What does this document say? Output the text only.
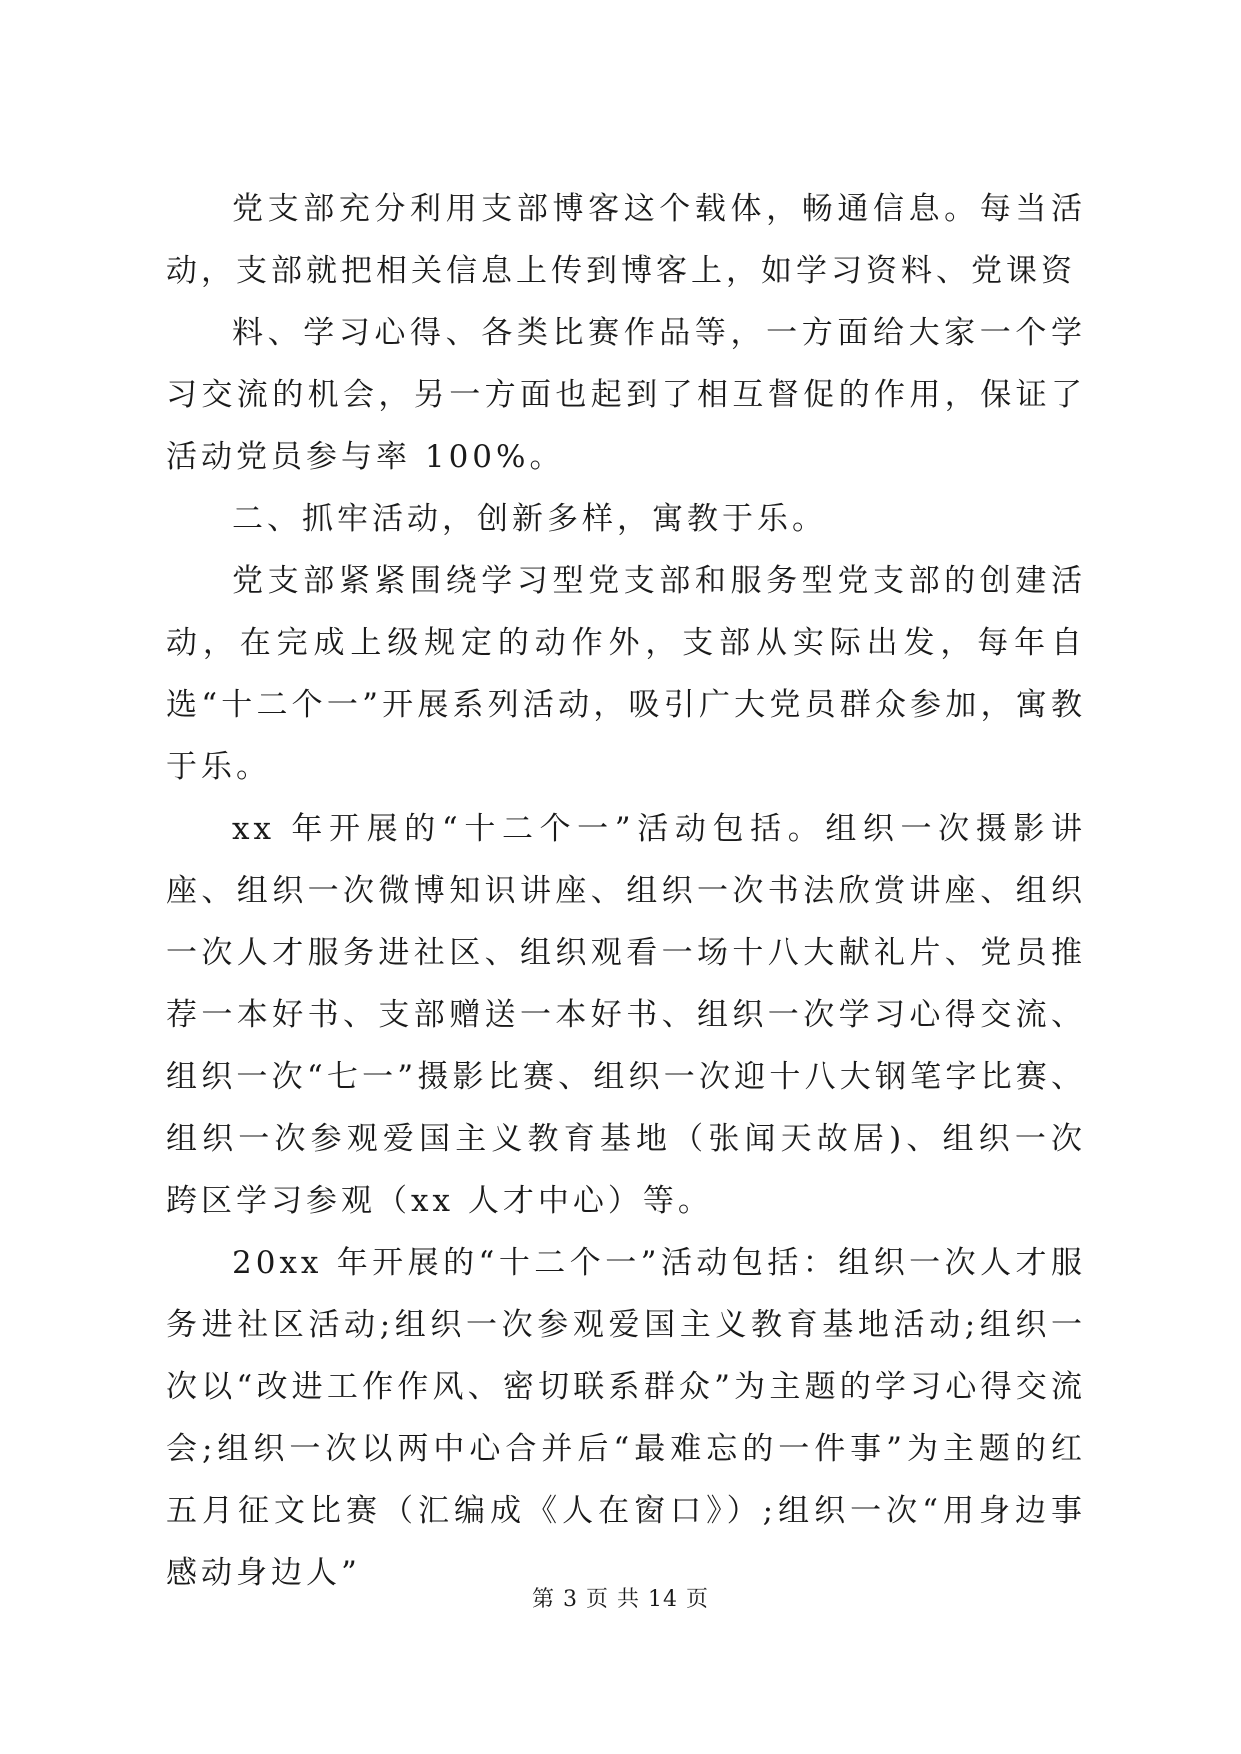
党支部充分利用支部博客这个载体，畅通信息。每当活动，支部就把相关信息上传到博客上，如学习资料、党课资

料、学习心得、各类比赛作品等，一方面给大家一个学习交流的机会，另一方面也起到了相互督促的作用，保证了活动党员参与率 100%。

二、抓牢活动，创新多样，寓教于乐。

党支部紧紧围绕学习型党支部和服务型党支部的创建活动，在完成上级规定的动作外，支部从实际出发，每年自选“十二个一”开展系列活动，吸引广大党员群众参加，寓教于乐。

xx 年开展的“十二个一”活动包括。组织一次摄影讲座、组织一次微博知识讲座、组织一次书法欣赏讲座、组织一次人才服务进社区、组织观看一场十八大献礼片、党员推荐一本好书、支部赠送一本好书、组织一次学习心得交流、组织一次“七一”摄影比赛、组织一次迎十八大钢笔字比赛、组织一次参观爱国主义教育基地（张闻天故居)、组织一次跨区学习参观（xx 人才中心）等。

20xx 年开展的“十二个一”活动包括：组织一次人才服务进社区活动;组织一次参观爱国主义教育基地活动;组织一次以“改进工作作风、密切联系群众”为主题的学习心得交流会;组织一次以两中心合并后“最难忘的一件事”为主题的红五月征文比赛（汇编成《人在窗口》）;组织一次“用身边事感动身边人”

第 3 页 共 14 页
